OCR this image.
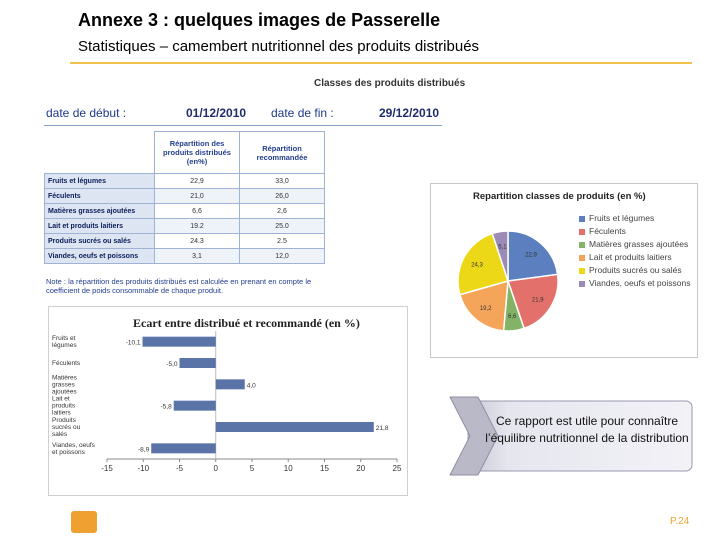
Annexe 3 : quelques images de Passerelle
Statistiques – camembert nutritionnel des produits distribués
Classes des produits distribués
date de début :	01/12/2010 date de fin :	29/12/2010
	Répartition des produits distribués (en%)	Répartition recommandée
Fruits et légumes	22,9	33,0
Féculents	21,0	26,0
Matières grasses ajoutées	6,6	2,6
Lait et produits laitiers	19.2	25.0
Produits sucrés ou salés	24.3	2.5
Viandes, oeufs et poissons	3,1	12,0
Note : la répartition des produits distribués est calculée en prenant en compte le coefficient de poids consommable de chaque produit.
Ecart entre distribué et recommandé (en %)
-15	-10	-5	0	5	10	15	20	25
-10,1
Fruits et légumes
-5,0
Féculents
4,0
Matières grasses ajoutées
-5,8
Lait et produits laitiers
21,8
Produits sucrés ou salés
-8,9
Viandes, oeufs et poissons
Repartition classes de produits (en %)
22,9
21,9
6,6
19,2
24,3
5,1
Fruits et légumes
Féculents
Matières grasses ajoutées
Lait et produits laitiers
Produits sucrés ou salés
Viandes, oeufs et poissons
Ce rapport est utile pour connaître l’équilibre nutritionnel de la distribution
P.24
